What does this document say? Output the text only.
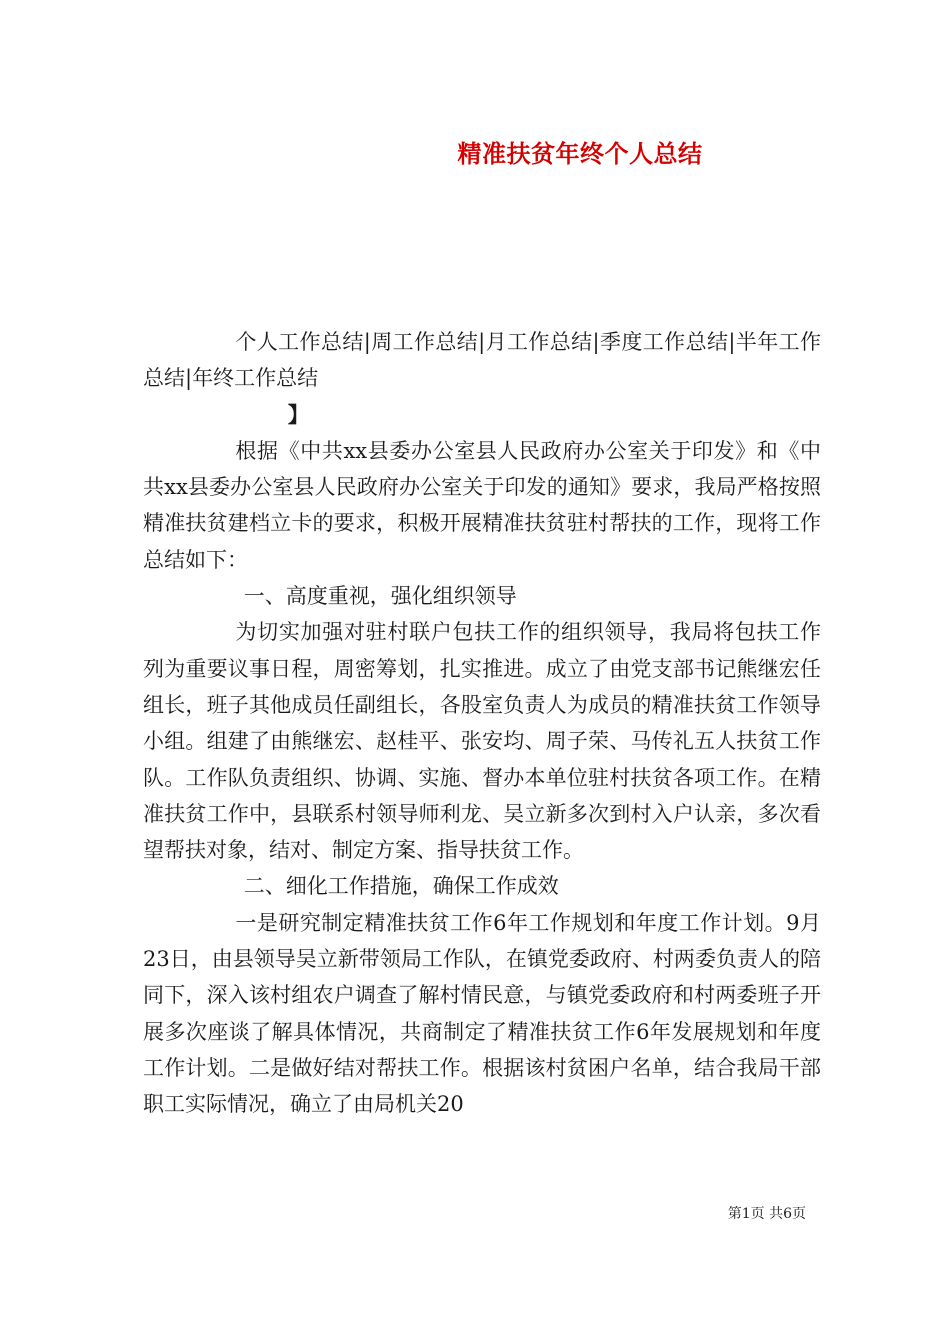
精准扶贫年终个人总结

个人工作总结|周工作总结|月工作总结|季度工作总结|半年工作总结|年终工作总结

】

根据《中共xx县委办公室县人民政府办公室关于印发》和《中共xx县委办公室县人民政府办公室关于印发的通知》要求，我局严格按照精准扶贫建档立卡的要求，积极开展精准扶贫驻村帮扶的工作，现将工作总结如下：

一、高度重视，强化组织领导

为切实加强对驻村联户包扶工作的组织领导，我局将包扶工作列为重要议事日程，周密筹划，扎实推进。成立了由党支部书记熊继宏任组长，班子其他成员任副组长，各股室负责人为成员的精准扶贫工作领导小组。组建了由熊继宏、赵桂平、张安均、周子荣、马传礼五人扶贫工作队。工作队负责组织、协调、实施、督办本单位驻村扶贫各项工作。在精准扶贫工作中，县联系村领导师利龙、吴立新多次到村入户认亲，多次看望帮扶对象，结对、制定方案、指导扶贫工作。

二、细化工作措施，确保工作成效

一是研究制定精准扶贫工作6年工作规划和年度工作计划。9月23日，由县领导吴立新带领局工作队，在镇党委政府、村两委负责人的陪同下，深入该村组农户调查了解村情民意，与镇党委政府和村两委班子开展多次座谈了解具体情况，共商制定了精准扶贫工作6年发展规划和年度工作计划。二是做好结对帮扶工作。根据该村贫困户名单，结合我局干部职工实际情况，确立了由局机关20

第1页 共6页
